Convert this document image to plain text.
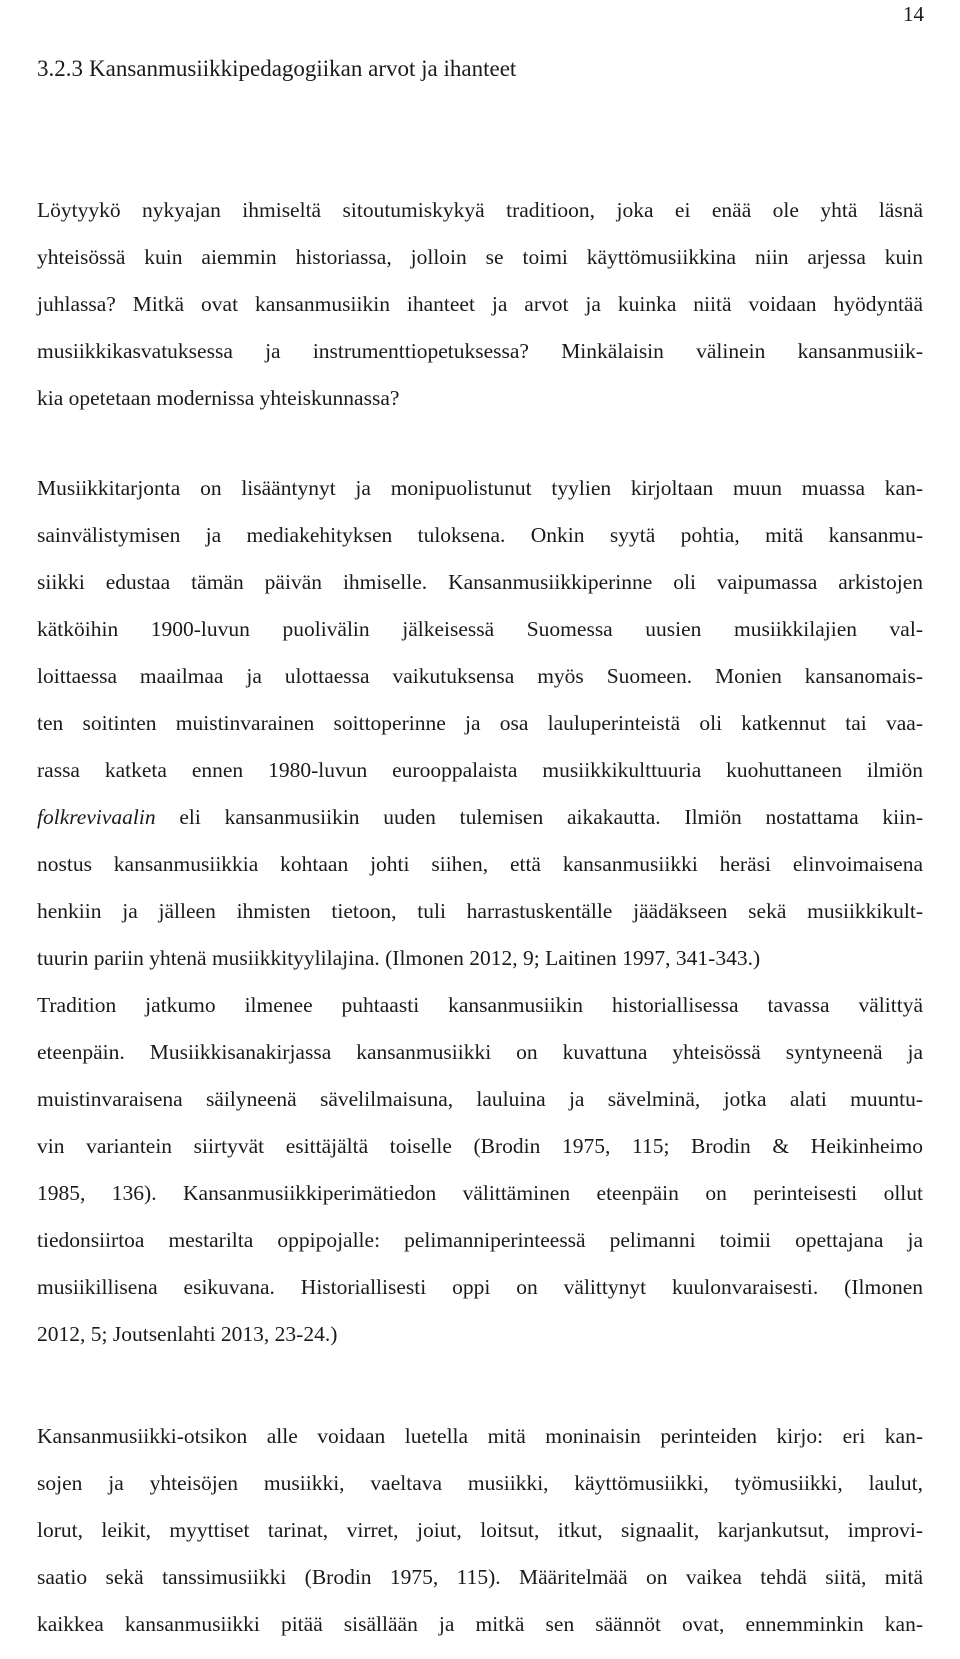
14
3.2.3 Kansanmusiikkipedagogiikan arvot ja ihanteet
Löytyykö nykyajan ihmiseltä sitoutumiskykyä traditioon, joka ei enää ole yhtä läsnä
yhteisössä kuin aiemmin historiassa, jolloin se toimi käyttömusiikkina niin arjessa kuin
juhlassa? Mitkä ovat kansanmusiikin ihanteet ja arvot ja kuinka niitä voidaan hyödyntää
musiikkikasvatuksessa ja instrumenttiopetuksessa? Minkälaisin välinein kansanmusiik-
kia opetetaan modernissa yhteiskunnassa?
Musiikkitarjonta on lisääntynyt ja monipuolistunut tyylien kirjoltaan muun muassa kan-
sainvälistymisen ja mediakehityksen tuloksena. Onkin syytä pohtia, mitä kansanmu-
siikki edustaa tämän päivän ihmiselle. Kansanmusiikkiperinne oli vaipumassa arkistojen
kätköihin 1900-luvun puolivälin jälkeisessä Suomessa uusien musiikkilajien val-
loittaessa maailmaa ja ulottaessa vaikutuksensa myös Suomeen. Monien kansanomais-
ten soitinten muistinvarainen soittoperinne ja osa lauluperinteistä oli katkennut tai vaa-
rassa katketa ennen 1980-luvun eurooppalaista musiikkikulttuuria kuohuttaneen ilmiön
folkrevivaalin eli kansanmusiikin uuden tulemisen aikakautta. Ilmiön nostattama kiin-
nostus kansanmusiikkia kohtaan johti siihen, että kansanmusiikki heräsi elinvoimaisena
henkiin ja jälleen ihmisten tietoon, tuli harrastuskentälle jäädäkseen sekä musiikkikult-
tuurin pariin yhtenä musiikkityylilajina. (Ilmonen 2012, 9; Laitinen 1997, 341-343.)
Tradition jatkumo ilmenee puhtaasti kansanmusiikin historiallisessa tavassa välittyä
eteenpäin. Musiikkisanakirjassa kansanmusiikki on kuvattuna yhteisössä syntyneenä ja
muistinvaraisena säilyneenä sävelilmaisuna, lauluina ja sävelminä, jotka alati muuntu-
vin variantein siirtyvät esittäjältä toiselle (Brodin 1975, 115; Brodin & Heikinheimo
1985, 136). Kansanmusiikkiperimätiedon välittäminen eteenpäin on perinteisesti ollut
tiedonsiirtoa mestarilta oppipojalle: pelimanniperinteessä pelimanni toimii opettajana ja
musiikillisena esikuvana. Historiallisesti oppi on välittynyt kuulonvaraisesti. (Ilmonen
2012, 5; Joutsenlahti 2013, 23-24.)
Kansanmusiikki-otsikon alle voidaan luetella mitä moninaisin perinteiden kirjo: eri kan-
sojen ja yhteisöjen musiikki, vaeltava musiikki, käyttömusiikki, työmusiikki, laulut,
lorut, leikit, myyttiset tarinat, virret, joiut, loitsut, itkut, signaalit, karjankutsut, improvi-
saatio sekä tanssimusiikki (Brodin 1975, 115). Määritelmää on vaikea tehdä siitä, mitä
kaikkea kansanmusiikki pitää sisällään ja mitkä sen säännöt ovat, ennemminkin kan-
